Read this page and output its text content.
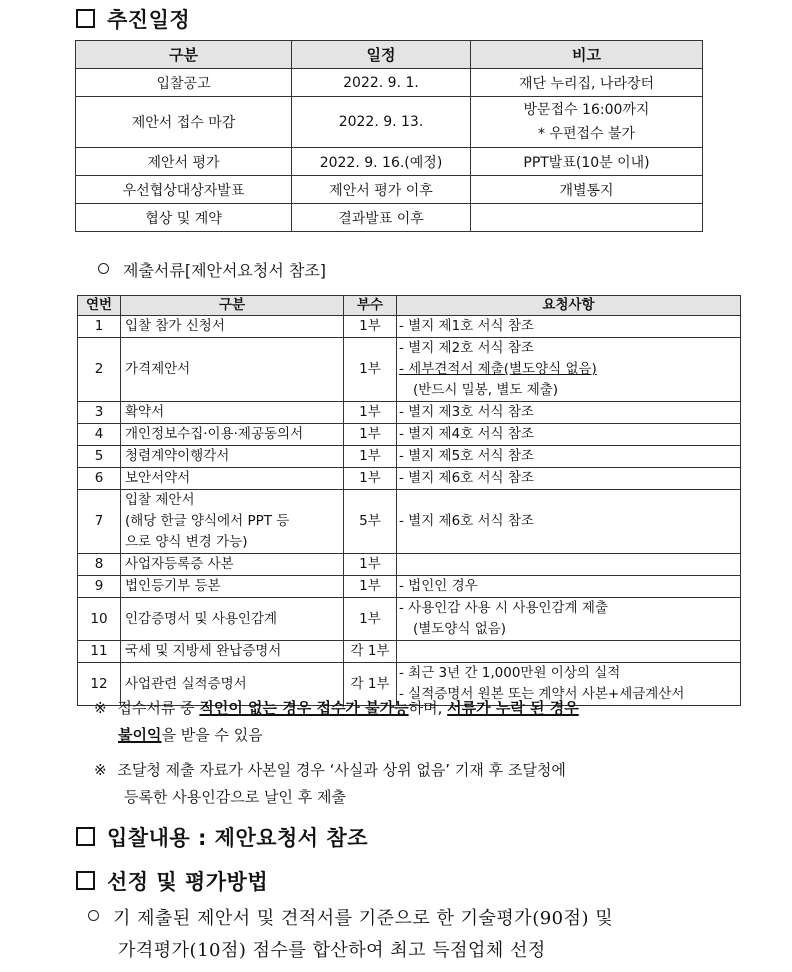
추진일정
구분	일정	비고
입찰공고	2022. 9. 1.	재단 누리집, 나라장터
제안서 접수 마감	2022. 9. 13.	방문접수 16:00까지
* 우편접수 불가

제안서 평가	2022. 9. 16.(예정)	PPT발표(10분 이내)
우선협상대상자발표	제안서 평가 이후	개별통지
협상 및 계약	결과발표 이후	
제출서류[제안서요청서 참조]
연번	구분	부수	요청사항
1	입찰 참가 신청서	1부	- 별지 제1호 서식 참조

2	가격제안서	1부	- 별지 제2호 서식 참조
- 세부견적서 제출(별도양식 없음)
(반드시 밀봉, 별도 제출)

3	확약서	1부	- 별지 제3호 서식 참조

4	개인정보수집·이용·제공동의서	1부	- 별지 제4호 서식 참조

5	청렴계약이행각서	1부	- 별지 제5호 서식 참조

6	보안서약서	1부	- 별지 제6호 서식 참조

7	입찰 제안서
(해당 한글 양식에서 PPT 등
으로 양식 변경 가능)	5부	- 별지 제6호 서식 참조

8	사업자등록증 사본	1부	

9	법인등기부 등본	1부	- 법인인 경우

10	인감증명서 및 사용인감계	1부	- 사용인감 사용 시 사용인감계 제출
(별도양식 없음)

11	국세 및 지방세 완납증명서	각 1부	

12	사업관련 실적증명서	각 1부	- 최근 3년 간 1,000만원 이상의 실적
- 실적증명서 원본 또는 계약서 사본+세금계산서
※ 접수서류 중 직인이 없는 경우 접수가 불가능하며, 서류가 누락 된 경우
불이익을 받을 수 있음
※ 조달청 제출 자료가 사본일 경우 ‘사실과 상위 없음’ 기재 후 조달청에
등록한 사용인감으로 날인 후 제출
입찰내용 : 제안요청서 참조
선정 및 평가방법
기 제출된 제안서 및 견적서를 기준으로 한 기술평가(90점) 및
가격평가(10점) 점수를 합산하여 최고 득점업체 선정
